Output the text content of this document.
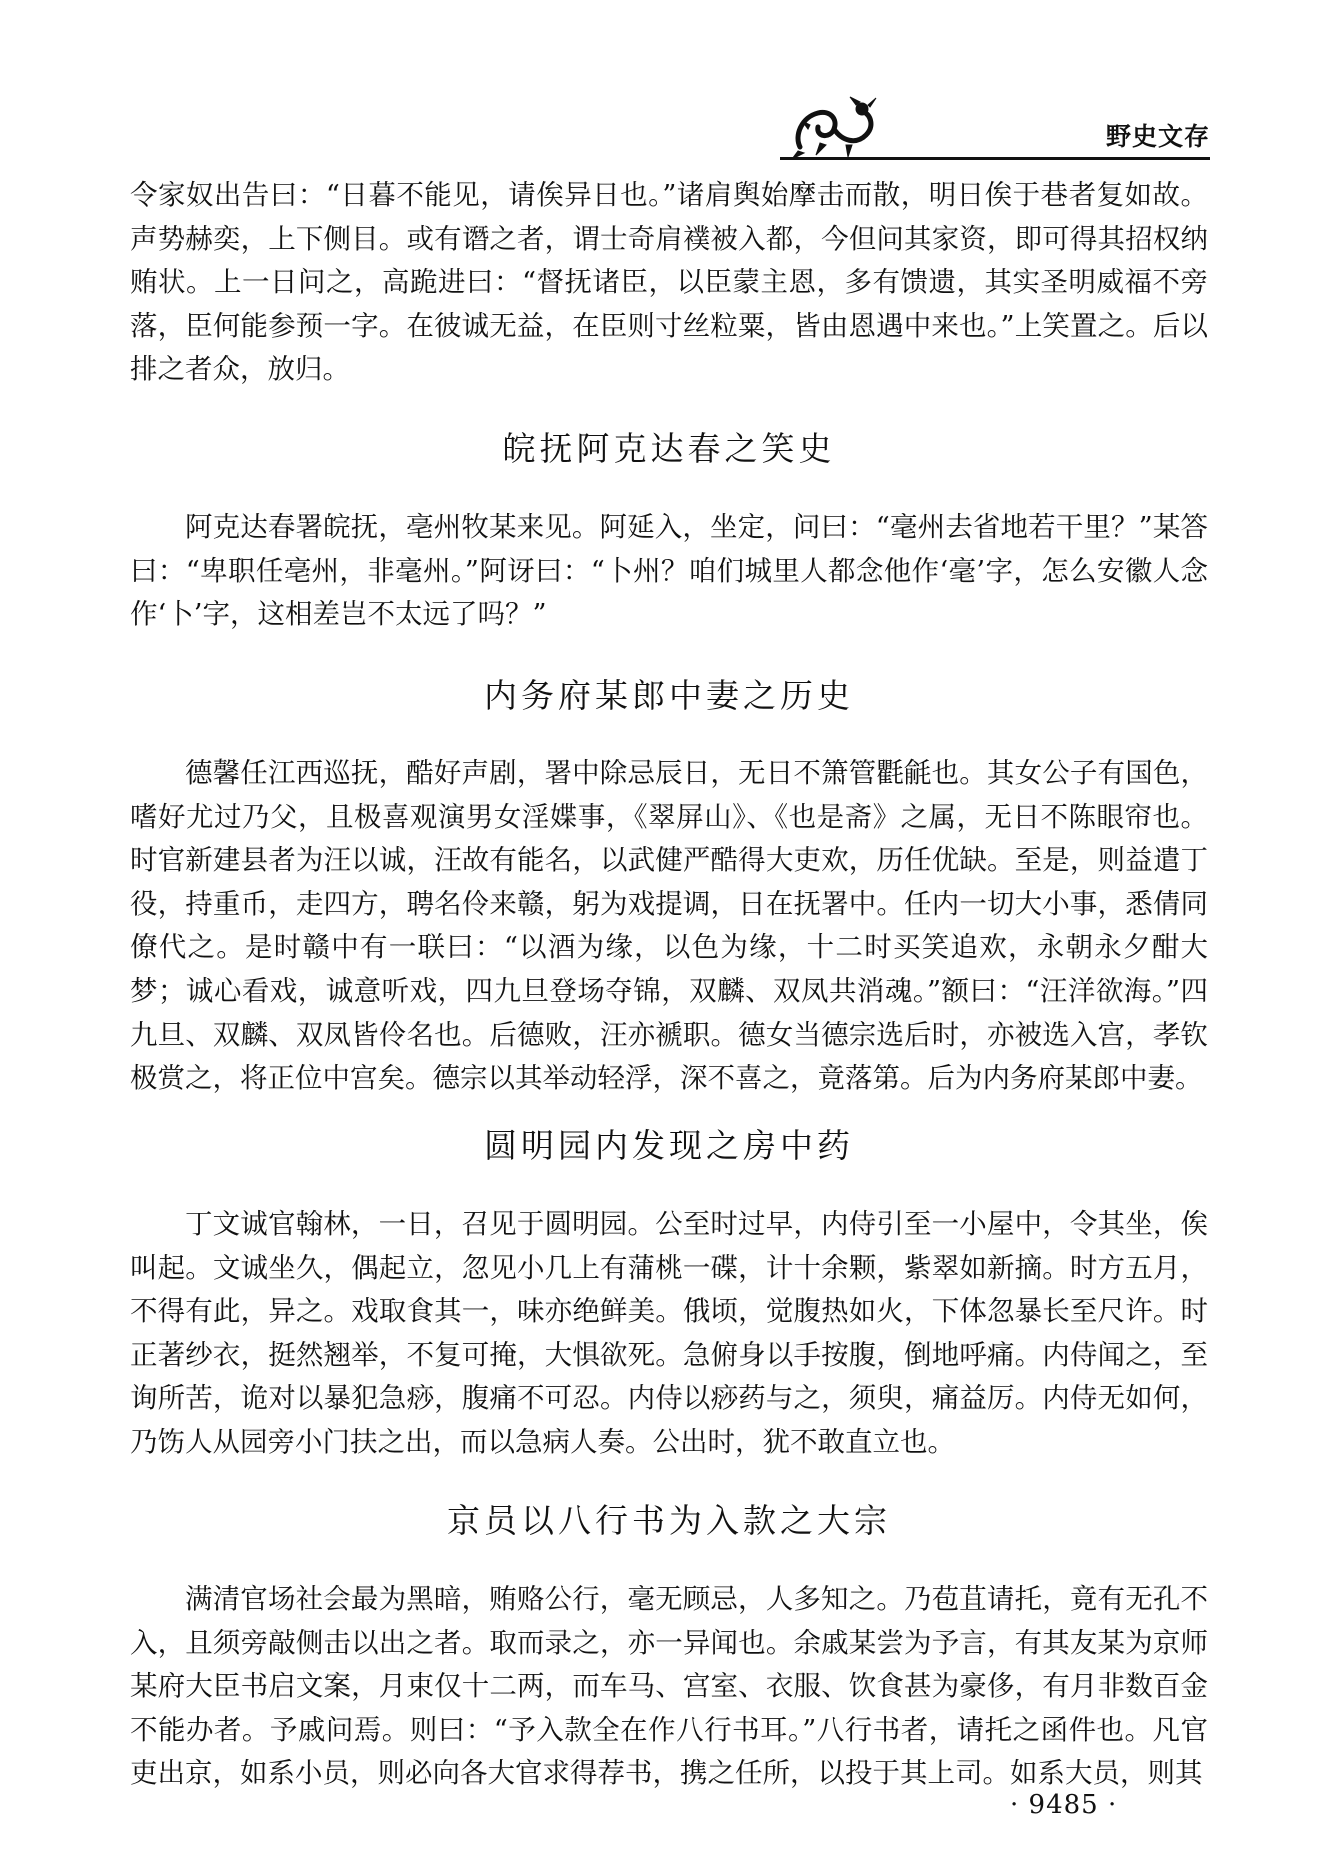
野史文存

令家奴出告曰：“日暮不能见，请俟异日也。”诸肩舆始摩击而散，明日俟于巷者复如故。声势赫奕，上下侧目。或有谮之者，谓士奇肩襆被入都，今但问其家资，即可得其招权纳贿状。上一日问之，高跪进曰：“督抚诸臣，以臣蒙主恩，多有馈遗，其实圣明威福不旁落，臣何能参预一字。在彼诚无益，在臣则寸丝粒粟，皆由恩遇中来也。”上笑置之。后以排之者众，放归。

皖抚阿克达春之笑史

阿克达春署皖抚，亳州牧某来见。阿延入，坐定，问曰：“毫州去省地若干里？”某答曰：“卑职任亳州，非毫州。”阿讶曰：“卜州？咱们城里人都念他作‘毫’字，怎么安徽人念作‘卜’字，这相差岂不太远了吗？”

内务府某郎中妻之历史

德馨任江西巡抚，酷好声剧，署中除忌辰日，无日不箫管氍毹也。其女公子有国色，嗜好尤过乃父，且极喜观演男女淫媟事，《翠屏山》、《也是斋》之属，无日不陈眼帘也。时官新建县者为汪以诚，汪故有能名，以武健严酷得大吏欢，历任优缺。至是，则益遣丁役，持重币，走四方，聘名伶来赣，躬为戏提调，日在抚署中。任内一切大小事，悉倩同僚代之。是时赣中有一联曰：“以酒为缘，以色为缘，十二时买笑追欢，永朝永夕酣大梦；诚心看戏，诚意听戏，四九旦登场夺锦，双麟、双凤共消魂。”额曰：“汪洋欲海。”四九旦、双麟、双凤皆伶名也。后德败，汪亦褫职。德女当德宗选后时，亦被选入宫，孝钦极赏之，将正位中宫矣。德宗以其举动轻浮，深不喜之，竟落第。后为内务府某郎中妻。

圆明园内发现之房中药

丁文诚官翰林，一日，召见于圆明园。公至时过早，内侍引至一小屋中，令其坐，俟叫起。文诚坐久，偶起立，忽见小几上有蒲桃一碟，计十余颗，紫翠如新摘。时方五月，不得有此，异之。戏取食其一，味亦绝鲜美。俄顷，觉腹热如火，下体忽暴长至尺许。时正著纱衣，挺然翘举，不复可掩，大惧欲死。急俯身以手按腹，倒地呼痛。内侍闻之，至询所苦，诡对以暴犯急痧，腹痛不可忍。内侍以痧药与之，须臾，痛益厉。内侍无如何，乃饬人从园旁小门扶之出，而以急病人奏。公出时，犹不敢直立也。

京员以八行书为入款之大宗

满清官场社会最为黑暗，贿赂公行，毫无顾忌，人多知之。乃苞苴请托，竟有无孔不入，且须旁敲侧击以出之者。取而录之，亦一异闻也。余戚某尝为予言，有其友某为京师某府大臣书启文案，月束仅十二两，而车马、宫室、衣服、饮食甚为豪侈，有月非数百金不能办者。予戚问焉。则曰：“予入款全在作八行书耳。”八行书者，请托之函件也。凡官吏出京，如系小员，则必向各大官求得荐书，携之任所，以投于其上司。如系大员，则其

· 9485 ·
